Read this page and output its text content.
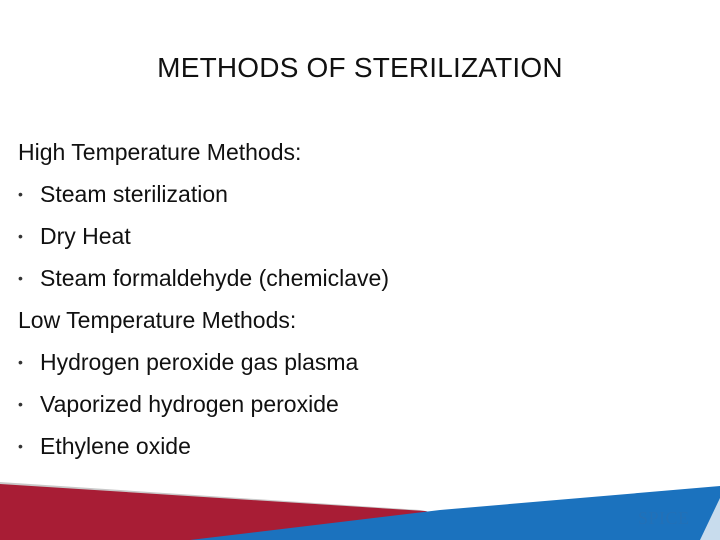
METHODS OF STERILIZATION
High Temperature Methods:
• Steam sterilization
• Dry Heat
• Steam formaldehyde (chemiclave)
Low Temperature Methods:
• Hydrogen peroxide gas plasma
• Vaporized hydrogen peroxide
• Ethylene oxide
SPICE
